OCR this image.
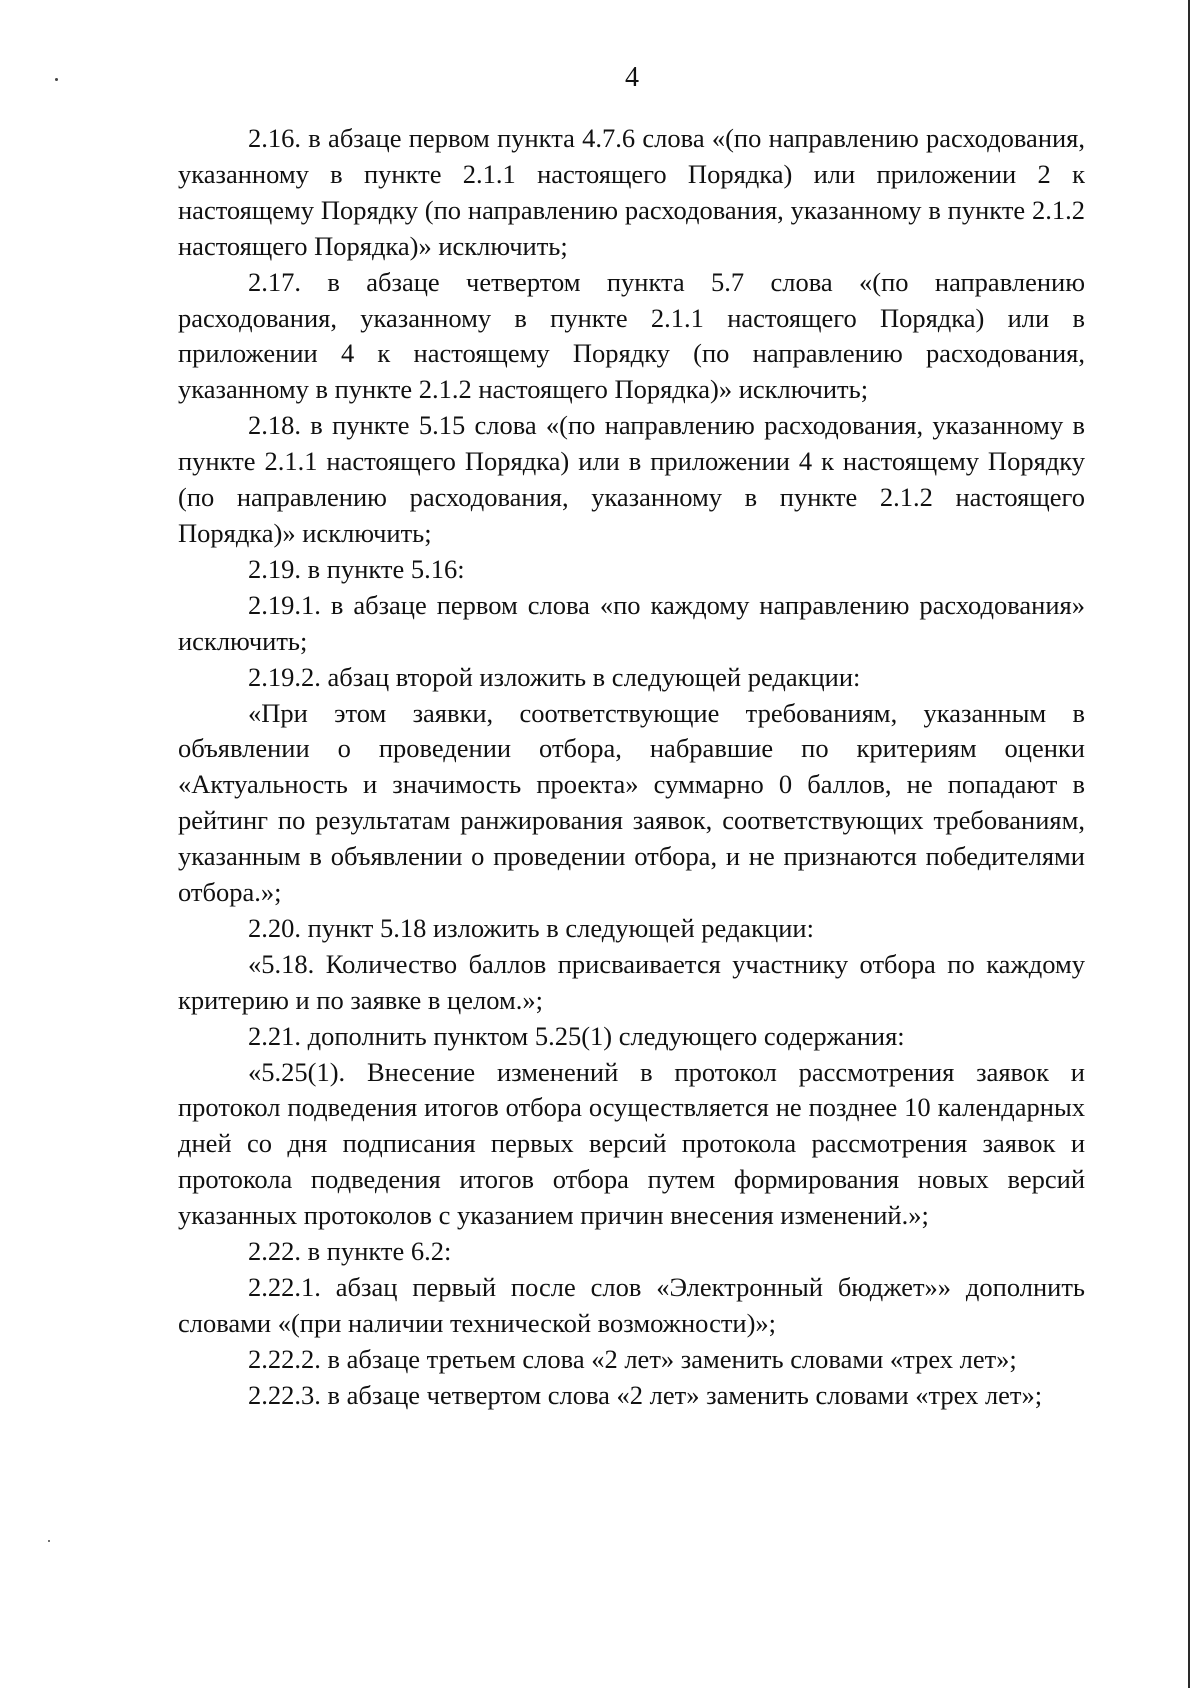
4

2.16. в абзаце первом пункта 4.7.6 слова «(по направлению расходования, указанному в пункте 2.1.1 настоящего Порядка) или приложении 2 к настоящему Порядку (по направлению расходования, указанному в пункте 2.1.2 настоящего Порядка)» исключить;

2.17. в абзаце четвертом пункта 5.7 слова «(по направлению расходования, указанному в пункте 2.1.1 настоящего Порядка) или в приложении 4 к настоящему Порядку (по направлению расходования, указанному в пункте 2.1.2 настоящего Порядка)» исключить;

2.18. в пункте 5.15 слова «(по направлению расходования, указанному в пункте 2.1.1 настоящего Порядка) или в приложении 4 к настоящему Порядку (по направлению расходования, указанному в пункте 2.1.2 настоящего Порядка)» исключить;

2.19. в пункте 5.16:

2.19.1. в абзаце первом слова «по каждому направлению расходования» исключить;

2.19.2. абзац второй изложить в следующей редакции:

«При этом заявки, соответствующие требованиям, указанным в объявлении о проведении отбора, набравшие по критериям оценки «Актуальность и значимость проекта» суммарно 0 баллов, не попадают в рейтинг по результатам ранжирования заявок, соответствующих требованиям, указанным в объявлении о проведении отбора, и не признаются победителями отбора.»;

2.20. пункт 5.18 изложить в следующей редакции:

«5.18. Количество баллов присваивается участнику отбора по каждому критерию и по заявке в целом.»;

2.21. дополнить пунктом 5.25(1) следующего содержания:

«5.25(1). Внесение изменений в протокол рассмотрения заявок и протокол подведения итогов отбора осуществляется не позднее 10 календарных дней со дня подписания первых версий протокола рассмотрения заявок и протокола подведения итогов отбора путем формирования новых версий указанных протоколов с указанием причин внесения изменений.»;

2.22. в пункте 6.2:

2.22.1. абзац первый после слов «Электронный бюджет»» дополнить словами «(при наличии технической возможности)»;

2.22.2. в абзаце третьем слова «2 лет» заменить словами «трех лет»;

2.22.3. в абзаце четвертом слова «2 лет» заменить словами «трех лет»;
